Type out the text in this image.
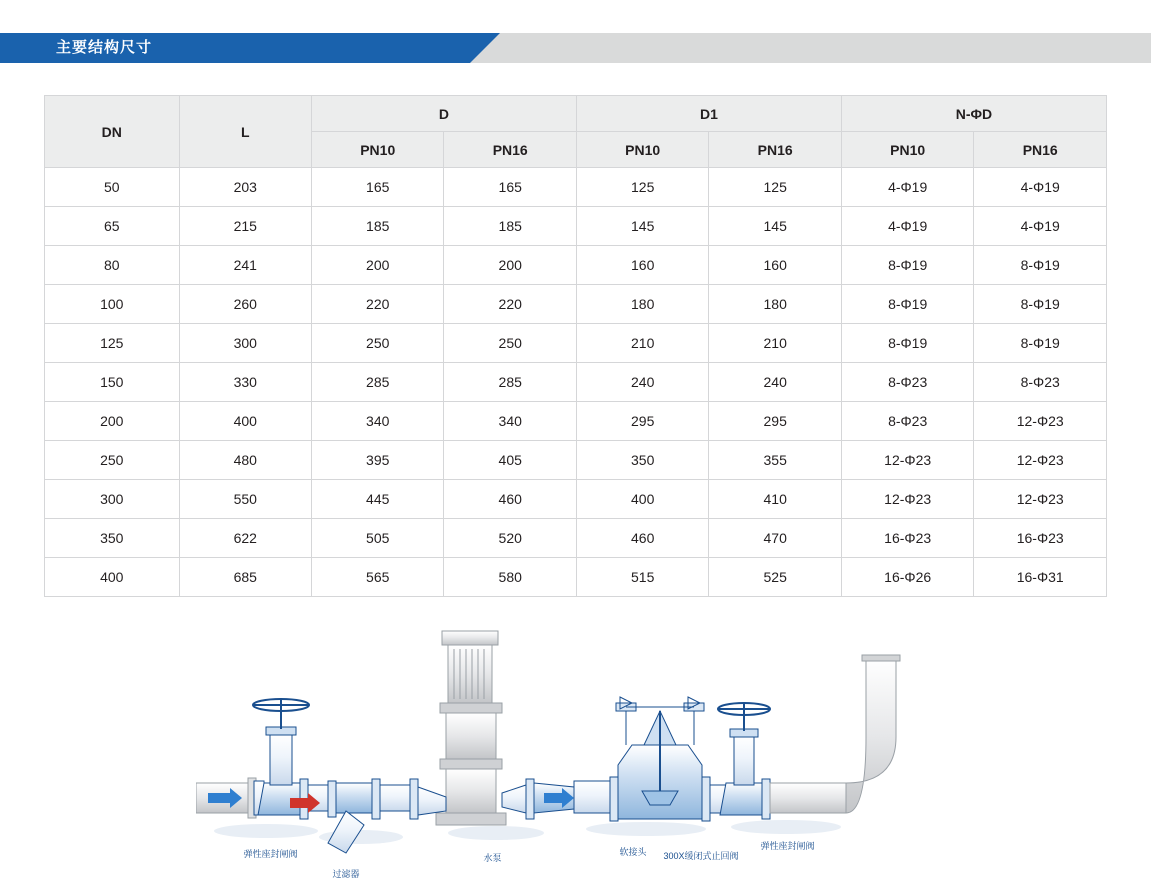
主要结构尺寸
DN	L	D		D1		N-ΦD	
		PN10	PN16	PN10	PN16	PN10	PN16
50	203	165	165	125	125	4-Φ19	4-Φ19
65	215	185	185	145	145	4-Φ19	4-Φ19
80	241	200	200	160	160	8-Φ19	8-Φ19
100	260	220	220	180	180	8-Φ19	8-Φ19
125	300	250	250	210	210	8-Φ19	8-Φ19
150	330	285	285	240	240	8-Φ23	8-Φ23
200	400	340	340	295	295	8-Φ23	12-Φ23
250	480	395	405	350	355	12-Φ23	12-Φ23
300	550	445	460	400	410	12-Φ23	12-Φ23
350	622	505	520	460	470	16-Φ23	16-Φ23
400	685	565	580	515	525	16-Φ26	16-Φ31
弹性座封闸阀
过滤器
水泵
软接头 300X缓闭式止回阀
弹性座封闸阀
